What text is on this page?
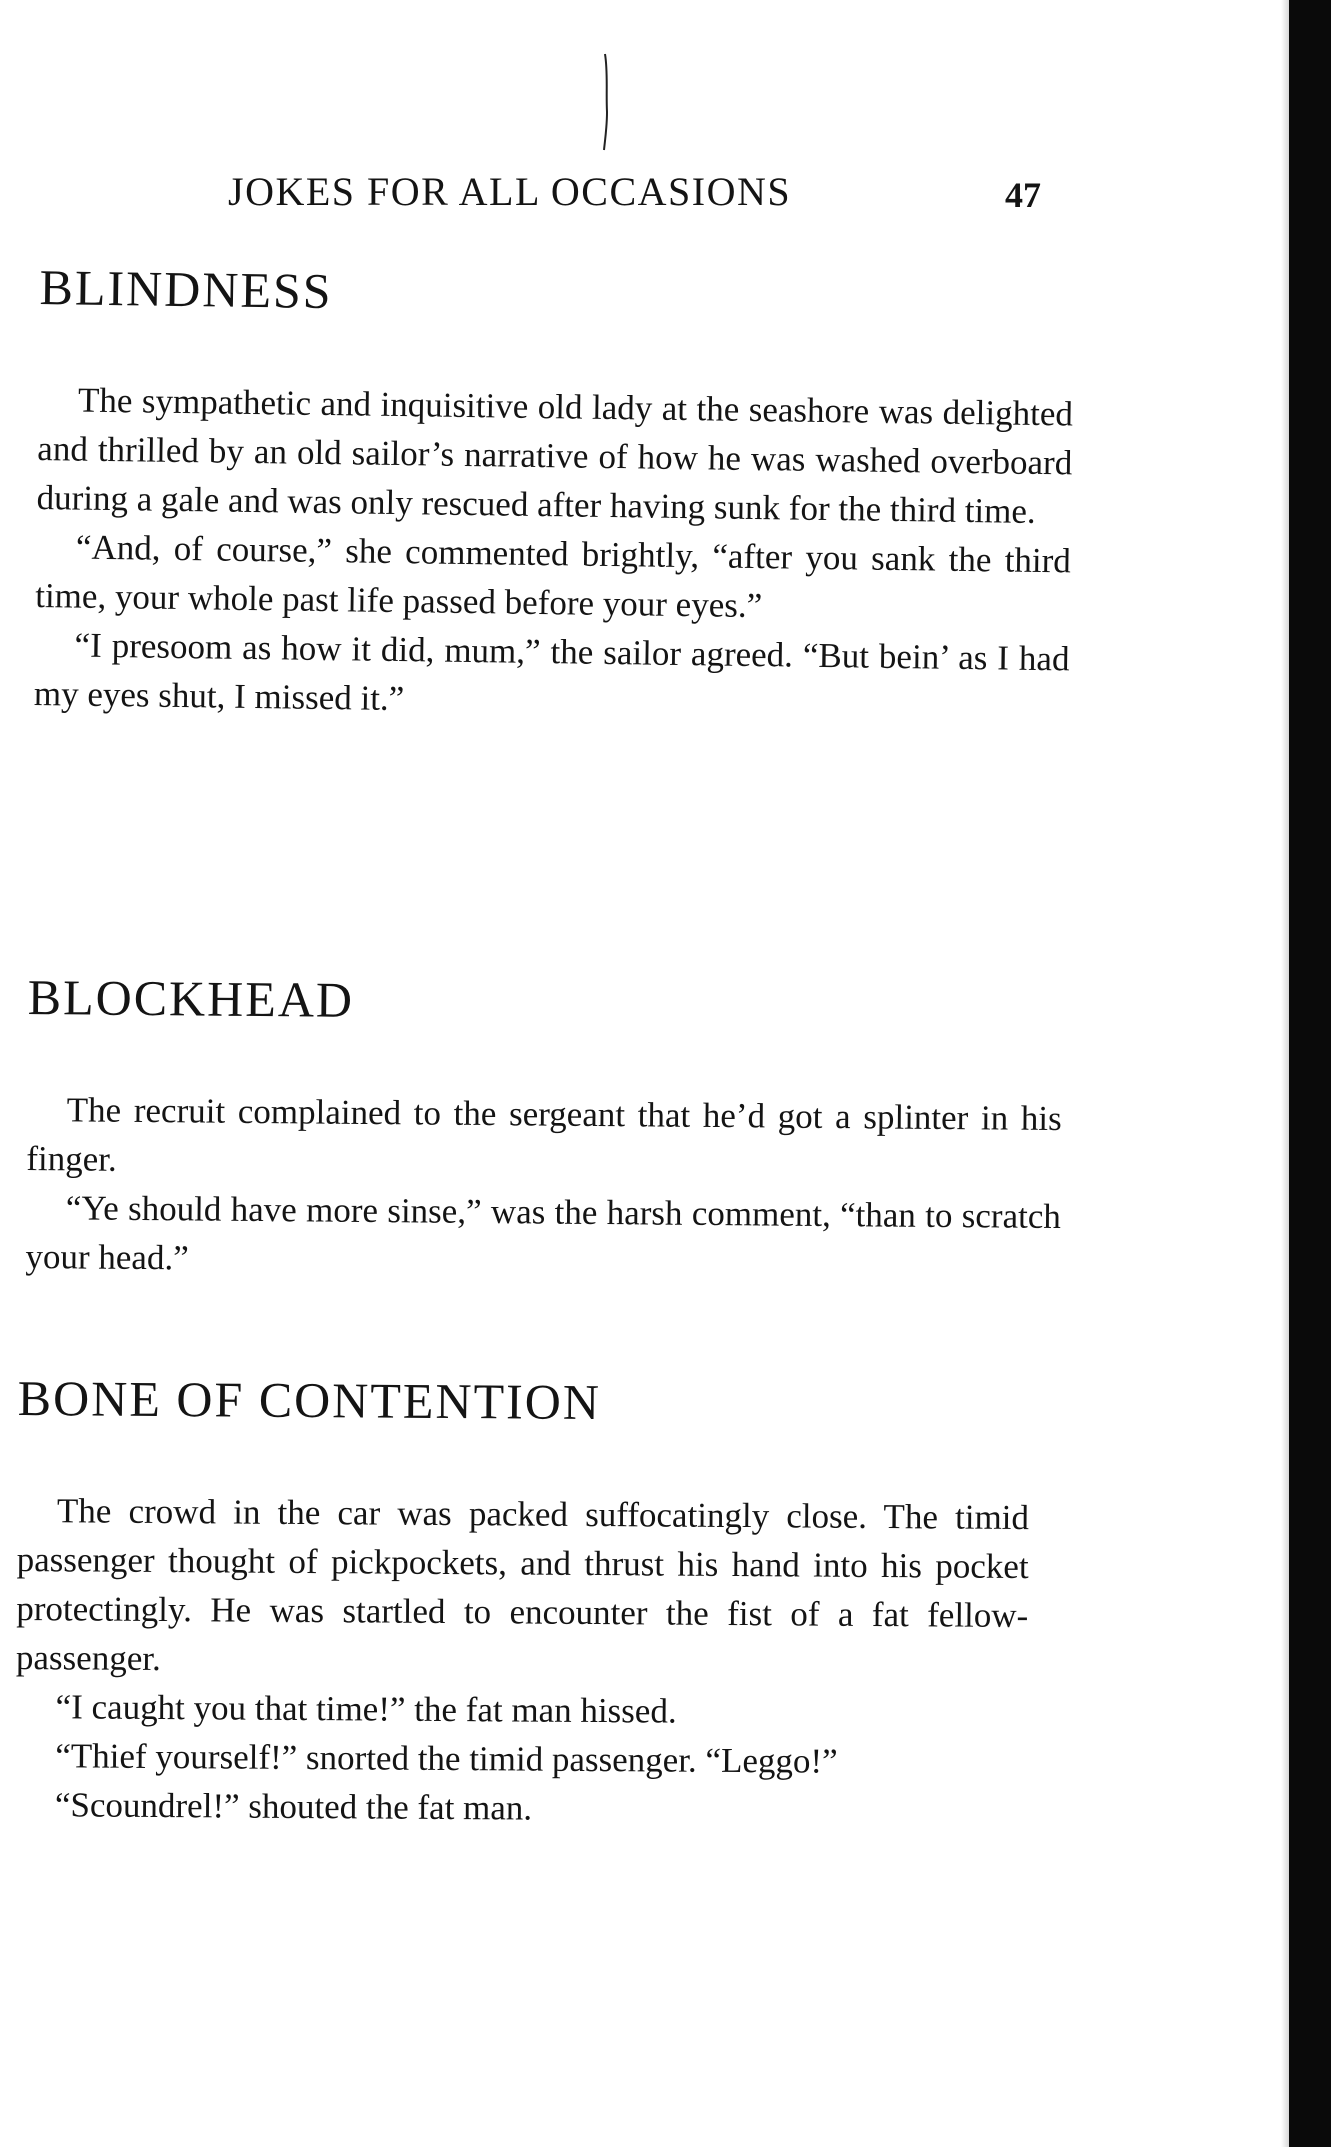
JOKES FOR ALL OCCASIONS	47
BLINDNESS

The sympathetic and inquisitive old lady at the seashore was delighted and thrilled by an old sailor’s narrative of how he was washed overboard during a gale and was only rescued after having sunk for the third time.

“And, of course,” she commented brightly, “after you sank the third time, your whole past life passed before your eyes.”

“I presoom as how it did, mum,” the sailor agreed. “But bein’ as I had my eyes shut, I missed it.”

BLOCKHEAD

The recruit complained to the sergeant that he’d got a splinter in his finger.

“Ye should have more sinse,” was the harsh comment, “than to scratch your head.”

BONE OF CONTENTION

The crowd in the car was packed suffocatingly close. The timid passenger thought of pickpockets, and thrust his hand into his pocket protectingly. He was startled to encounter the fist of a fat fellow-passenger.

“I caught you that time!” the fat man hissed.

“Thief yourself!” snorted the timid passenger. “Leggo!”

“Scoundrel!” shouted the fat man.
